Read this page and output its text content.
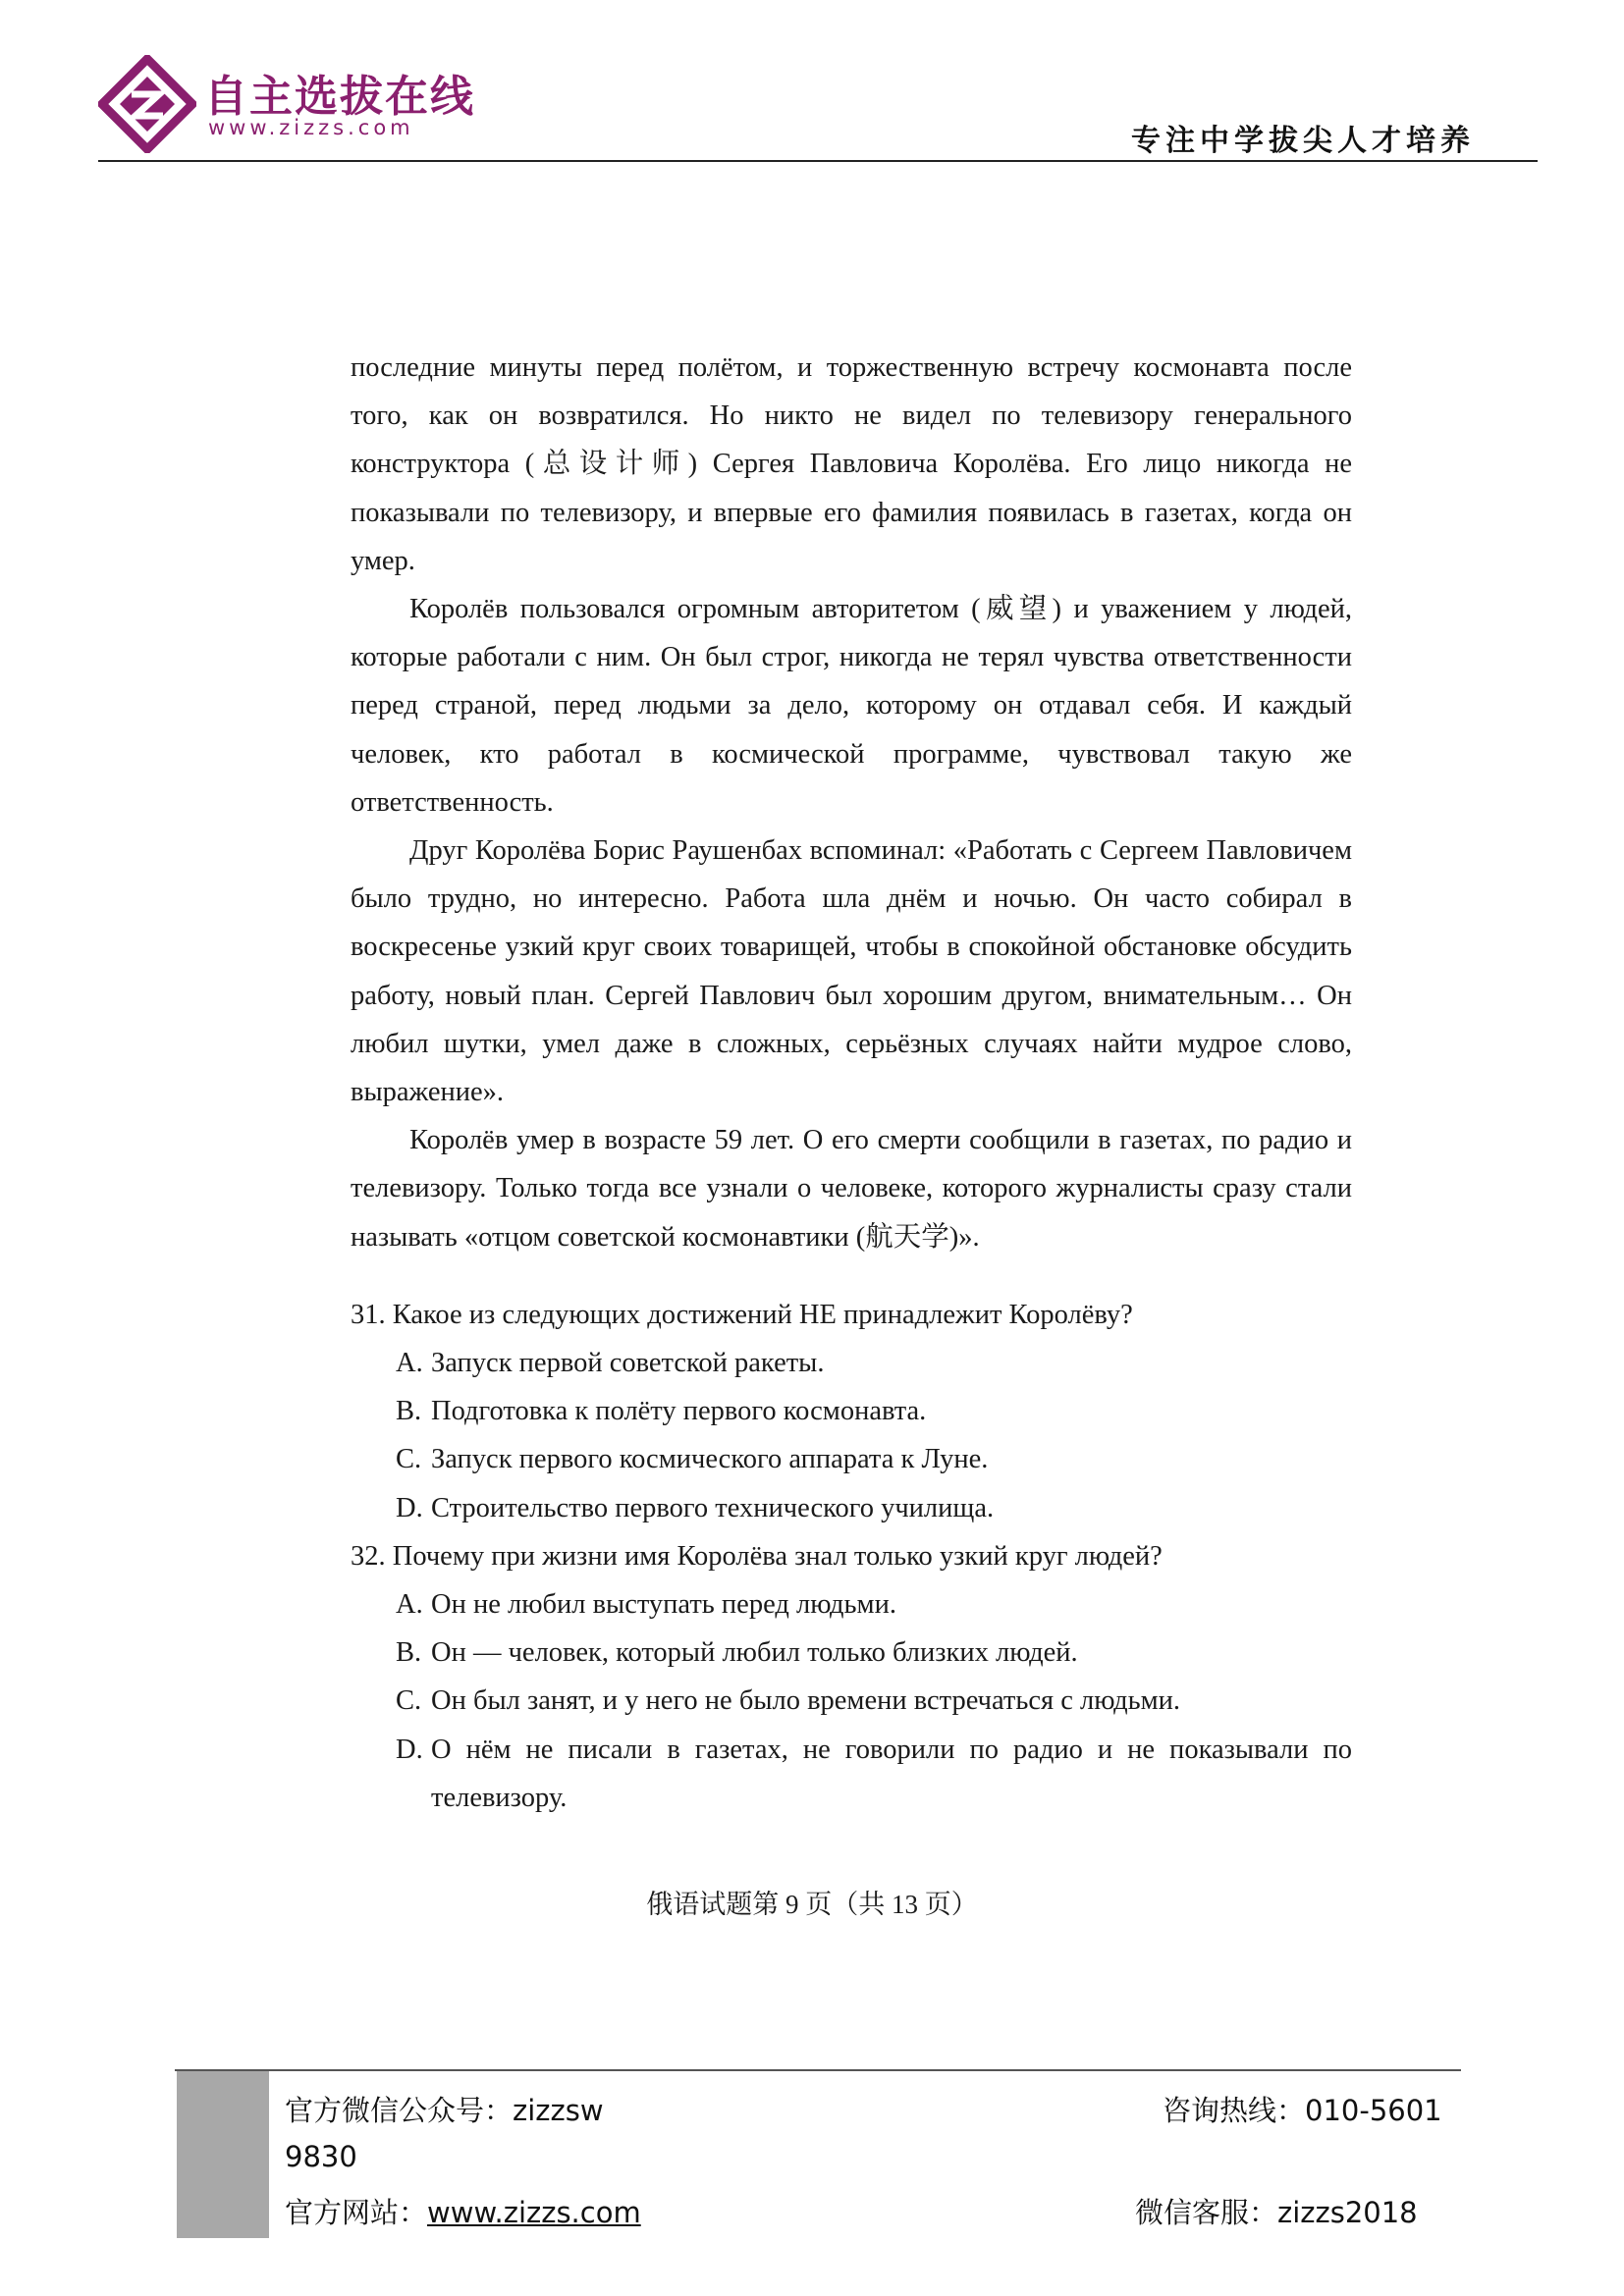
自主选拔在线
www.zizzs.com	专注中学拔尖人才培养

последние минуты перед полётом, и торжественную встречу космонавта после того, как он возвратился. Но никто не видел по телевизору генерального конструктора (总设计师) Сергея Павловича Королёва. Его лицо никогда не показывали по телевизору, и впервые его фамилия появилась в газетах, когда он умер.

Королёв пользовался огромным авторитетом (威望) и уважением у людей, которые работали с ним. Он был строг, никогда не терял чувства ответственности перед страной, перед людьми за дело, которому он отдавал себя. И каждый человек, кто работал в космической программе, чувствовал такую же ответственность.

Друг Королёва Борис Раушенбах вспоминал: «Работать с Сергеем Павловичем было трудно, но интересно. Работа шла днём и ночью. Он часто собирал в воскресенье узкий круг своих товарищей, чтобы в спокойной обстановке обсудить работу, новый план. Сергей Павлович был хорошим другом, внимательным… Он любил шутки, умел даже в сложных, серьёзных случаях найти мудрое слово, выражение».

Королёв умер в возрасте 59 лет. О его смерти сообщили в газетах, по радио и телевизору. Только тогда все узнали о человеке, которого журналисты сразу стали называть «отцом советской космонавтики (航天学)».

31. Какое из следующих достижений НЕ принадлежит Королёву?

A. Запуск первой советской ракеты.
B. Подготовка к полёту первого космонавта.
C. Запуск первого космического аппарата к Луне.
D. Строительство первого технического училища.

32. Почему при жизни имя Королёва знал только узкий круг людей?

A. Он не любил выступать перед людьми.
B. Он — человек, который любил только близких людей.
C. Он был занят, и у него не было времени встречаться с людьми.
D. О нём не писали в газетах, не говорили по радио и не показывали по телевизору.
俄语试题第 9 页（共 13 页）
官方微信公众号：zizzsw	咨询热线：010-5601
9830
官方网站：www.zizzs.com	微信客服：zizzs2018
